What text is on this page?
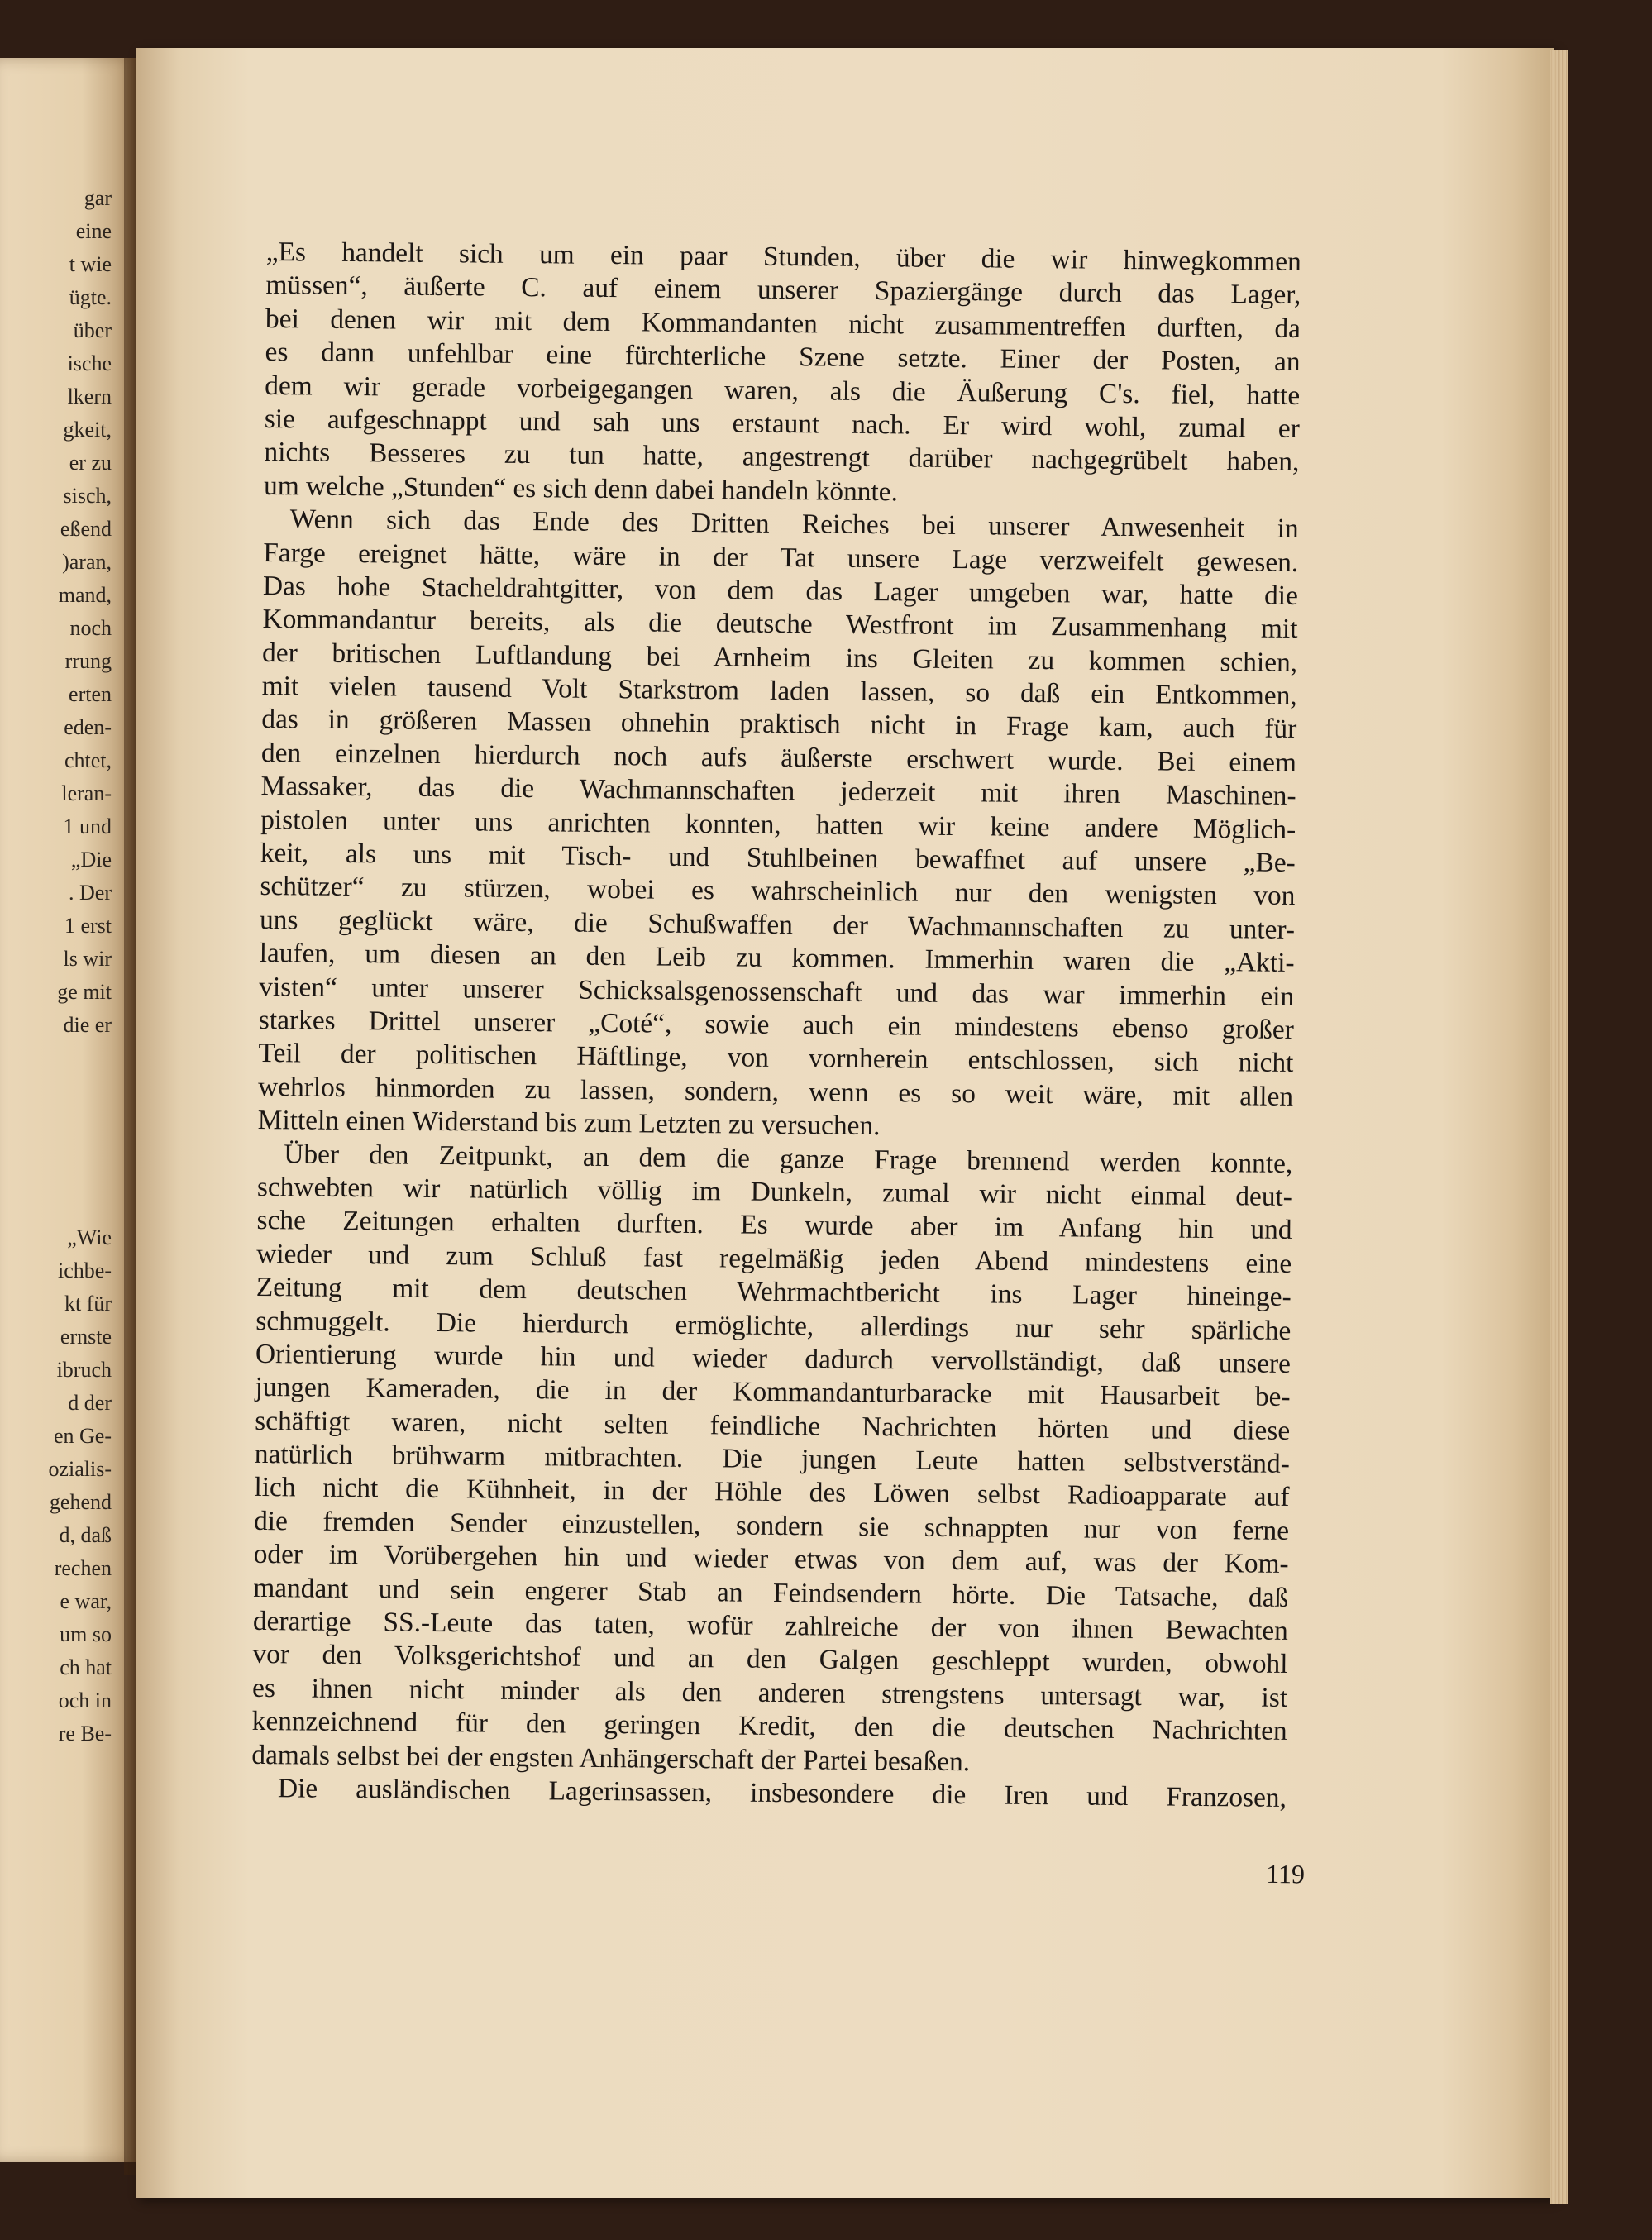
gar
eine
t wie
ügte.
über
ische
lkern
gkeit,
er zu
sisch,
eßend
)aran,
mand,
noch
rrung
erten
eden-
chtet,
leran-
1 und
„Die
. Der
1 erst
ls wir
ge mit
die er
„Wie
ichbe-
kt für
ernste
ibruch
d der
en Ge-
ozialis-
gehend
d, daß
rechen
e war,
um so
ch hat
och in
re Be-
„Es handelt sich um ein paar Stunden, über die wir hinwegkommen
müssen“, äußerte C. auf einem unserer Spaziergänge durch das Lager,
bei denen wir mit dem Kommandanten nicht zusammentreffen durften, da
es dann unfehlbar eine fürchterliche Szene setzte. Einer der Posten, an
dem wir gerade vorbeigegangen waren, als die Äußerung C's. fiel, hatte
sie aufgeschnappt und sah uns erstaunt nach. Er wird wohl, zumal er
nichts Besseres zu tun hatte, angestrengt darüber nachgegrübelt haben,
um welche „Stunden“ es sich denn dabei handeln könnte.
Wenn sich das Ende des Dritten Reiches bei unserer Anwesenheit in
Farge ereignet hätte, wäre in der Tat unsere Lage verzweifelt gewesen.
Das hohe Stacheldrahtgitter, von dem das Lager umgeben war, hatte die
Kommandantur bereits, als die deutsche Westfront im Zusammenhang mit
der britischen Luftlandung bei Arnheim ins Gleiten zu kommen schien,
mit vielen tausend Volt Starkstrom laden lassen, so daß ein Entkommen,
das in größeren Massen ohnehin praktisch nicht in Frage kam, auch für
den einzelnen hierdurch noch aufs äußerste erschwert wurde. Bei einem
Massaker, das die Wachmannschaften jederzeit mit ihren Maschinen-
pistolen unter uns anrichten konnten, hatten wir keine andere Möglich-
keit, als uns mit Tisch- und Stuhlbeinen bewaffnet auf unsere „Be-
schützer“ zu stürzen, wobei es wahrscheinlich nur den wenigsten von
uns geglückt wäre, die Schußwaffen der Wachmannschaften zu unter-
laufen, um diesen an den Leib zu kommen. Immerhin waren die „Akti-
visten“ unter unserer Schicksalsgenossenschaft und das war immerhin ein
starkes Drittel unserer „Coté“, sowie auch ein mindestens ebenso großer
Teil der politischen Häftlinge, von vornherein entschlossen, sich nicht
wehrlos hinmorden zu lassen, sondern, wenn es so weit wäre, mit allen
Mitteln einen Widerstand bis zum Letzten zu versuchen.
Über den Zeitpunkt, an dem die ganze Frage brennend werden konnte,
schwebten wir natürlich völlig im Dunkeln, zumal wir nicht einmal deut-
sche Zeitungen erhalten durften. Es wurde aber im Anfang hin und
wieder und zum Schluß fast regelmäßig jeden Abend mindestens eine
Zeitung mit dem deutschen Wehrmachtbericht ins Lager hineinge-
schmuggelt. Die hierdurch ermöglichte, allerdings nur sehr spärliche
Orientierung wurde hin und wieder dadurch vervollständigt, daß unsere
jungen Kameraden, die in der Kommandanturbaracke mit Hausarbeit be-
schäftigt waren, nicht selten feindliche Nachrichten hörten und diese
natürlich brühwarm mitbrachten. Die jungen Leute hatten selbstverständ-
lich nicht die Kühnheit, in der Höhle des Löwen selbst Radioapparate auf
die fremden Sender einzustellen, sondern sie schnappten nur von ferne
oder im Vorübergehen hin und wieder etwas von dem auf, was der Kom-
mandant und sein engerer Stab an Feindsendern hörte. Die Tatsache, daß
derartige SS.-Leute das taten, wofür zahlreiche der von ihnen Bewachten
vor den Volksgerichtshof und an den Galgen geschleppt wurden, obwohl
es ihnen nicht minder als den anderen strengstens untersagt war, ist
kennzeichnend für den geringen Kredit, den die deutschen Nachrichten
damals selbst bei der engsten Anhängerschaft der Partei besaßen.
Die ausländischen Lagerinsassen, insbesondere die Iren und Franzosen,
119
